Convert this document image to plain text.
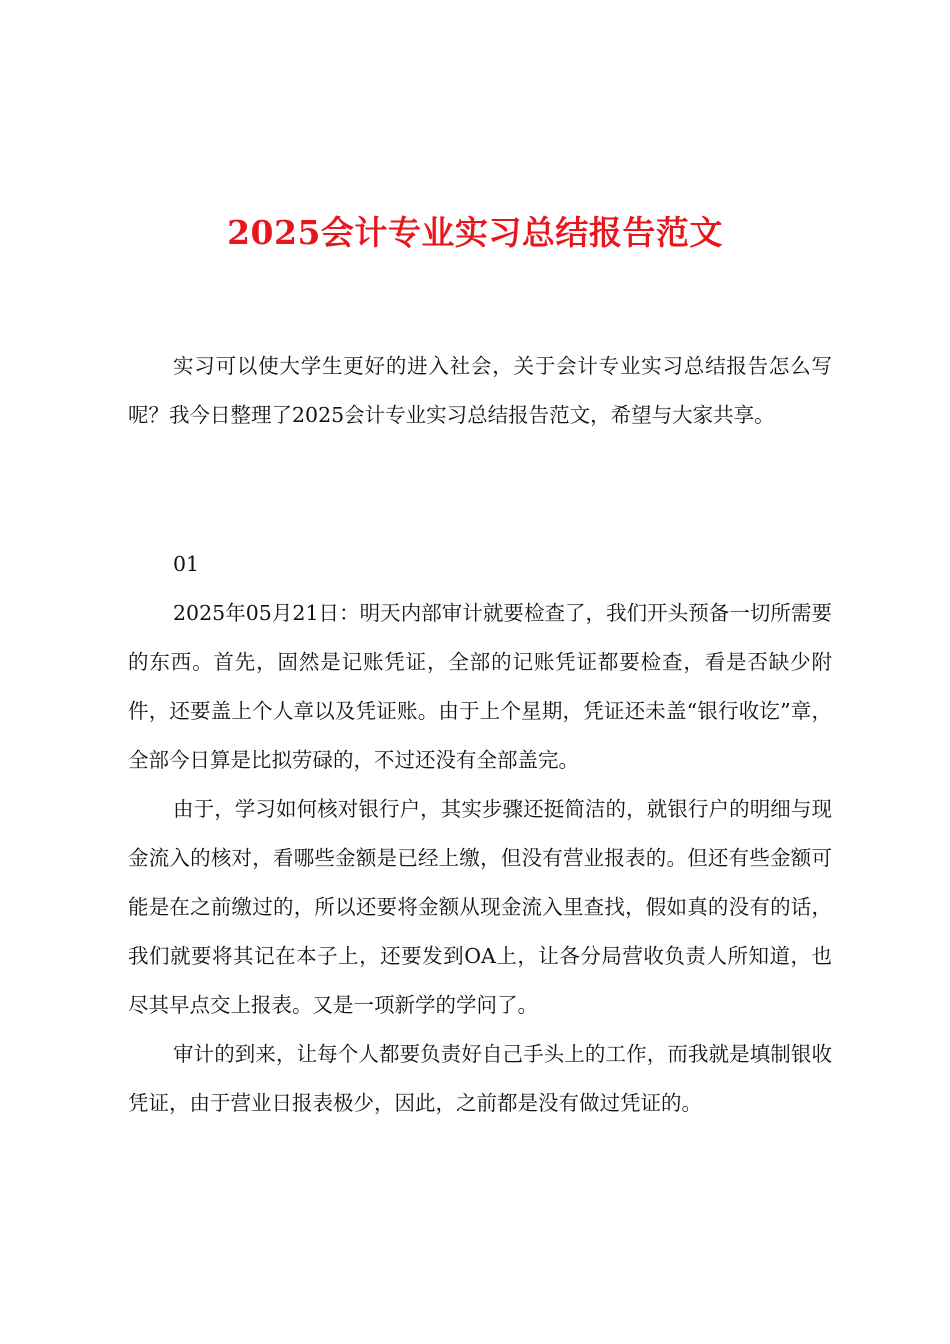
2025会计专业实习总结报告范文

实习可以使大学生更好的进入社会，关于会计专业实习总结报告怎么写呢？我今日整理了2025会计专业实习总结报告范文，希望与大家共享。

01

2025年05月21日：明天内部审计就要检查了，我们开头预备一切所需要的东西。首先，固然是记账凭证，全部的记账凭证都要检查，看是否缺少附件，还要盖上个人章以及凭证账。由于上个星期，凭证还未盖“银行收讫”章，全部今日算是比拟劳碌的，不过还没有全部盖完。

由于，学习如何核对银行户，其实步骤还挺简洁的，就银行户的明细与现金流入的核对，看哪些金额是已经上缴，但没有营业报表的。但还有些金额可能是在之前缴过的，所以还要将金额从现金流入里查找，假如真的没有的话，我们就要将其记在本子上，还要发到OA上，让各分局营收负责人所知道，也尽其早点交上报表。又是一项新学的学问了。

审计的到来，让每个人都要负责好自己手头上的工作，而我就是填制银收凭证，由于营业日报表极少，因此，之前都是没有做过凭证的。
